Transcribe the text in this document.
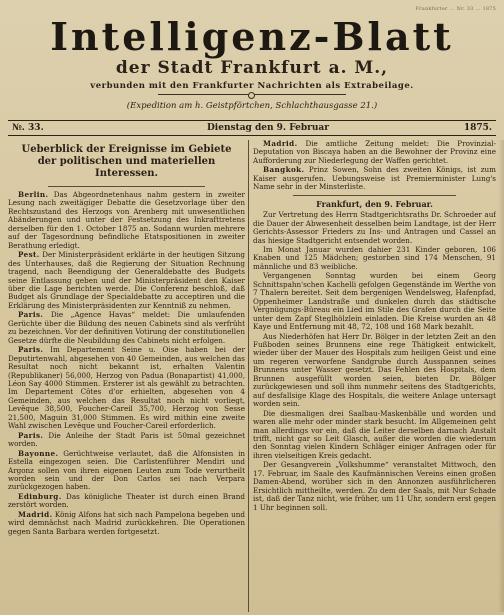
Frankfurter ... Nr. 33 ... 1875
Intelligenz-Blatt
der Stadt Frankfurt a. M.,
verbunden mit den Frankfurter Nachrichten als Extrabeilage.
(Expedition am h. Geistpförtchen, Schlachthausgasse 21.)
№. 33.	Dienstag den 9. Februar	1875.
Ueberblick der Ereignisse im Gebiete der politischen und materiellen Interessen.

Berlin. Das Abgeordnetenhaus nahm gestern in zweiter Lesung nach zweitägiger Debatte die Gesetzvorlage über den Rechtszustand des Herzogs von Arenberg mit unwesentlichen Abänderungen und unter der Festsetzung des Inkrafttretens derselben für den 1. October 1875 an. Sodann wurden mehrere auf der Tagesordnung befindliche Etatspositionen in zweiter Berathung erledigt.

Pest. Der Ministerpräsident erklärte in der heutigen Sitzung des Unterhauses, daß die Regierung der Situation Rechnung tragend, nach Beendigung der Generaldebatte des Budgets seine Entlassung geben und der Ministerpräsident den Kaiser über die Lage berichten werde. Die Conferenz beschloß, daß Budget als Grundlage der Specialdebatte zu acceptiren und die Erklärung des Ministerpräsidenten zur Kenntniß zu nehmen.

Paris. Die „Agence Havas“ meldet: Die umlaufenden Gerüchte über die Bildung des neuen Cabinets sind als verfrüht zu bezeichnen. Vor der definitiven Votirung der constitutionellen Gesetze dürfte die Neubildung des Cabinets nicht erfolgen.

Paris. Im Departement Seine u. Oise haben bei der Deputirtenwahl, abgesehen von 40 Gemeinden, aus welchen das Resultat noch nicht bekannt ist, erhalten Valentin (Republikaner) 56,000, Herzog von Padua (Bonapartist) 41,000, Léon Say 4000 Stimmen. Ersterer ist als gewählt zu betrachten. Im Departement Côtes d'or erhielten, abgesehen von 4 Gemeinden, aus welchen das Resultat noch nicht vorliegt, Levêque 38,500, Foucher-Careil 35,700, Herzog von Sesse 21,500, Maguin 31,000 Stimmen. Es wird mithin eine zweite Wahl zwischen Levêque und Foucher-Careil erforderlich.

Paris. Die Anleihe der Stadt Paris ist 50mal gezeichnet worden.

Bayonne. Gerüchtweise verlautet, daß die Alfonsisten in Estella eingezogen seien. Die Carlistenführer Mendiri und Argonz sollen von ihren eigenen Leuten zum Tode verurtheilt worden sein und der Don Carlos sei nach Verpara zurückgezogen haben.

Edinburg. Das königliche Theater ist durch einen Brand zerstört worden.

Madrid. König Alfons hat sich nach Pampelona begeben und wird demnächst nach Madrid zurückkehren. Die Operationen gegen Santa Barbara werden fortgesetzt.

Madrid. Die amtliche Zeitung meldet: Die Provinzial-Deputation von Biscaya haben an die Bewohner der Provinz eine Aufforderung zur Niederlegung der Waffen gerichtet.

Bangkok. Prinz Sowen, Sohn des zweiten Königs, ist zum Kaiser ausgerufen. Uebungsweise ist Premierminister Lung's Name sehr in der Minsterliste.

Frankfurt, den 9. Februar.

Zur Vertretung des Herrn Stadtgerichtsraths Dr. Schroeder auf die Dauer der Abwesenheit desselben beim Landtage, ist der Herr Gerichts-Assessor Frieders zu Ins- und Antragen und Cassel an das hiesige Stadtgericht entsendet worden.

Im Monat Januar wurden dahier 231 Kinder geboren, 106 Knaben und 125 Mädchen; gestorben sind 174 Menschen, 91 männliche und 83 weibliche.

Vergangenen Sonntag wurden bei einem Georg Schnittspahn'schen Kachelli gefolgen Gegenstände im Werthe von 7 Thalern bereitet. Seit dem bergenigen Wendelsweg, Hafenpfad, Oppenheimer Landstraße und dunkelen durch das städtische Vergnügungs-Büreau ein Lied im Stile des Grafen durch die Seite unter dem Zapf Steglhölzlein einladen. Die Kreise wurden an 48 Kaye und Entfernung mit 48, 72, 108 und 168 Mark bezahlt.

Aus Niederhöfen hat Herr Dr. Bölger in der letzten Zeit an den Fußboden seines Brunnens eine rege Thätigkeit entwickelt, wieder über der Mauer des Hospitals zum heiligen Geist und eine um regeren verworfene Sandgrube durch Ausspannen seines Brunnens unter Wasser gesetzt. Das Fehlen des Hospitals, dem Brunnen ausgefüllt worden seien, bieten Dr. Bölger zurückgewiesen und soll ihm nunmehr seitens des Stadtgerichts, auf desfallsige Klage des Hospitals, die weitere Anlage untersagt worden sein.

Die diesmaligen drei Saalbau-Maskenbälle und worden und waren alle mehr oder minder stark besucht. Im Allgemeinen geht man allerdings vor ein, daß die Leiter derselben darnach Anstalt trifft, nicht gar so Leit Glasch, außer die worden die wiederum den Sonntag vielen Kindern Schläger einiger Anfragen oder für ihren vielseitigen Kreis gedacht.

Der Gesangverein „Volkshumme“ veranstaltet Mittwoch, den 17. Februar, im Saale des Kaufmännischen Vereins einen großen Damen-Abend, worüber sich in den Annonzen ausführlicheren Ersichtlich mittheilte, werden. Zu dem der Saals, mit Nur Schade ist, daß der Tanz nicht, wie früher, um 11 Uhr, sondern erst gegen 1 Uhr beginnen soll.
